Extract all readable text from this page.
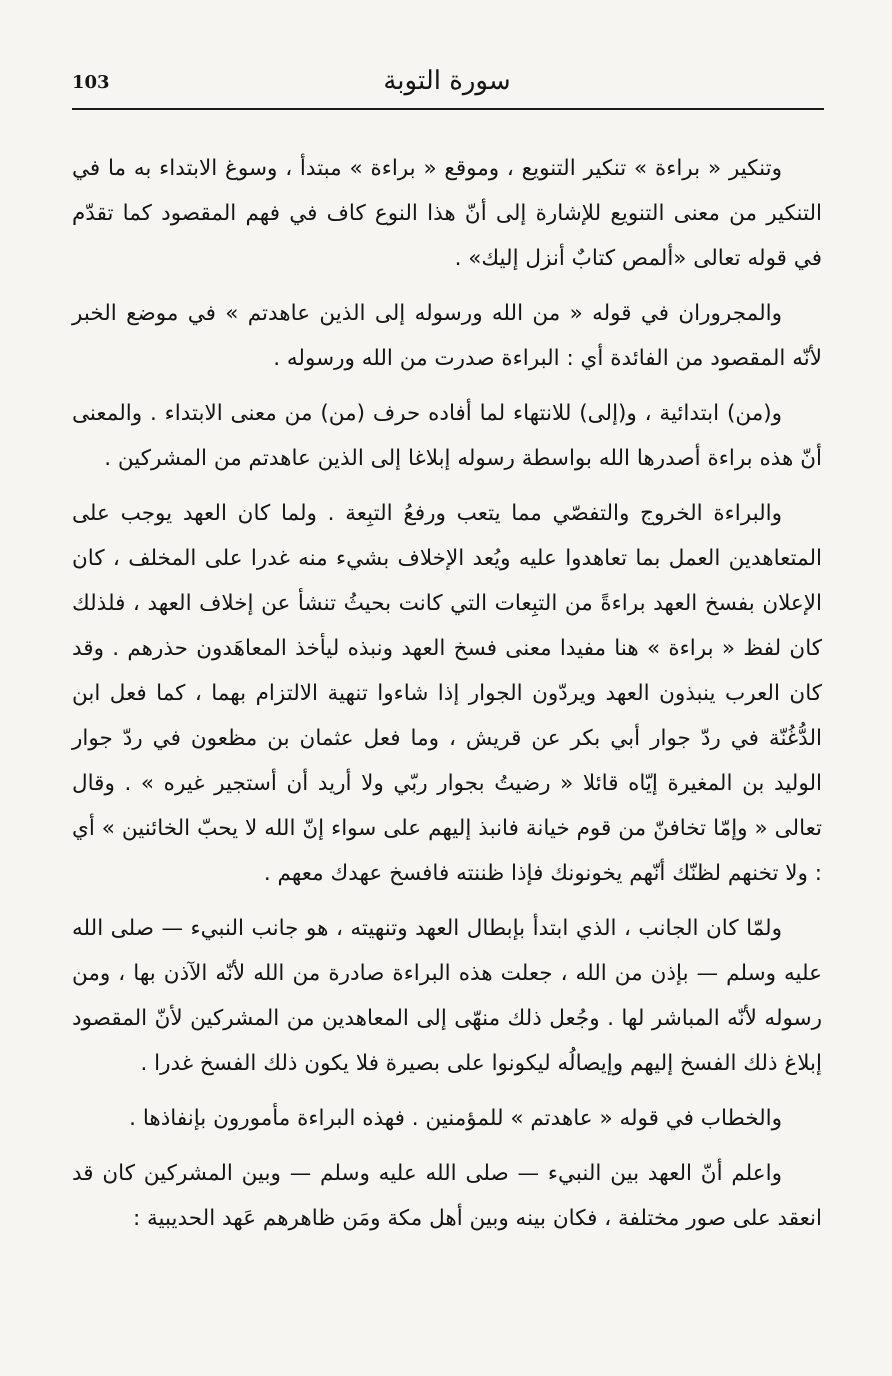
103	سورة التوبة

وتنكير « براءة » تنكير التنويع ، وموقع « براءة » مبتدأ ، وسوغ الابتداء به ما في التنكير من معنى التنويع للإشارة إلى أنّ هذا النوع كاف في فهم المقصود كما تقدّم في قوله تعالى «ألمص كتابٌ أنزل إليك» .

والمجروران في قوله « من الله ورسوله إلى الذين عاهدتم » في موضع الخبر لأنّه المقصود من الفائدة أي : البراءة صدرت من الله ورسوله .

و(من) ابتدائية ، و(إلى) للانتهاء لما أفاده حرف (من) من معنى الابتداء . والمعنى أنّ هذه براءة أصدرها الله بواسطة رسوله إبلاغا إلى الذين عاهدتم من المشركين .

والبراءة الخروج والتفصّي مما يتعب ورفعُ التبِعة . ولما كان العهد يوجب على المتعاهدين العمل بما تعاهدوا عليه ويُعد الإخلاف بشيء منه غدرا على المخلف ، كان الإعلان بفسخ العهد براءةً من التبِعات التي كانت بحيثُ تنشأ عن إخلاف العهد ، فلذلك كان لفظ « براءة » هنا مفيدا معنى فسخ العهد ونبذه ليأخذ المعاهَدون حذرهم . وقد كان العرب ينبذون العهد ويردّون الجوار إذا شاءوا تنهية الالتزام بهما ، كما فعل ابن الدُّغُنّة في ردّ جوار أبي بكر عن قريش ، وما فعل عثمان بن مظعون في ردّ جوار الوليد بن المغيرة إيّاه قائلا « رضيتُ بجوار ربّي ولا أريد أن أستجير غيره » . وقال تعالى « وإمّا تخافنّ من قوم خيانة فانبذ إليهم على سواء إنّ الله لا يحبّ الخائنين » أي : ولا تخنهم لظنّك أنّهم يخونونك فإذا ظننته فافسخ عهدك معهم .

ولمّا كان الجانب ، الذي ابتدأ بإبطال العهد وتنهيته ، هو جانب النبيء — صلى الله عليه وسلم — بإذن من الله ، جعلت هذه البراءة صادرة من الله لأنّه الآذن بها ، ومن رسوله لأنّه المباشر لها . وجُعل ذلك منهّى إلى المعاهدين من المشركين لأنّ المقصود إبلاغ ذلك الفسخ إليهم وإيصالُه ليكونوا على بصيرة فلا يكون ذلك الفسخ غدرا .

والخطاب في قوله « عاهدتم » للمؤمنين . فهذه البراءة مأمورون بإنفاذها .

واعلم أنّ العهد بين النبيء — صلى الله عليه وسلم — وبين المشركين كان قد انعقد على صور مختلفة ، فكان بينه وبين أهل مكة ومَن ظاهرهم عَهد الحديبية :
